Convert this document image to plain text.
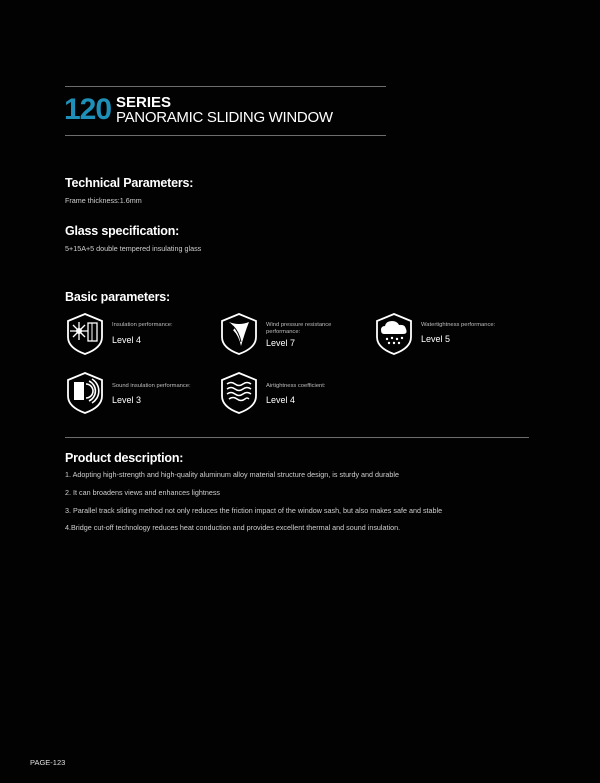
120 SERIES
PANORAMIC SLIDING WINDOW
Technical Parameters:
Frame thickness:1.6mm
Glass specification:
5+15A+5 double tempered insulating glass
Basic parameters:
Insulation performance:
Level 4
Wind pressure resistance performance:
Level 7
Watertightness performance:
Level 5
Sound insulation performance:
Level 3
Airtightness coefficient:
Level 4
Product description:
1. Adopting high-strength and high-quality aluminum alloy material structure design, is sturdy and durable
2. It can broadens views and enhances lightness
3. Parallel track sliding method not only reduces the friction impact of the window sash, but also makes safe and stable
4.Bridge cut-off technology reduces heat conduction and provides excellent thermal and sound insulation.
PAGE-123
